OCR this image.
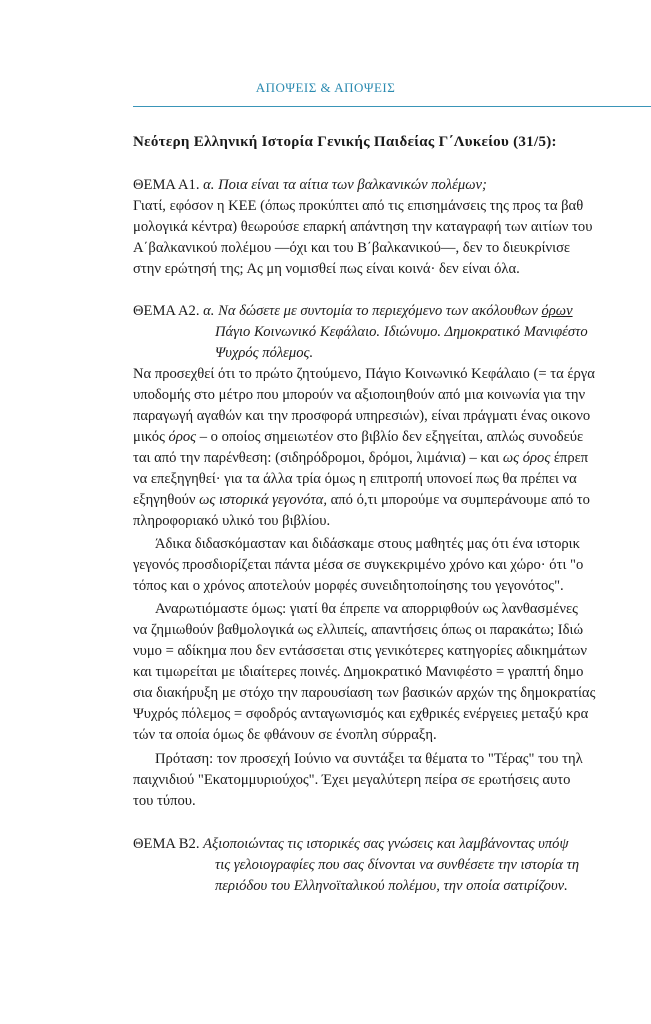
ΑΠΟΨΕΙΣ & ΑΠΟΨΕΙΣ
Νεότερη Ελληνική Ιστορία Γενικής Παιδείας Γ΄Λυκείου (31/5):
ΘΕΜΑ Α1. α. Ποια είναι τα αίτια των βαλκανικών πολέμων;
Γιατί, εφόσον η ΚΕΕ (όπως προκύπτει από τις επισημάνσεις της προς τα βαθ
μολογικά κέντρα) θεωρούσε επαρκή απάντηση την καταγραφή των αιτίων του
Α΄βαλκανικού πολέμου —όχι και του Β΄βαλκανικού—, δεν το διευκρίνισε
στην ερώτησή της; Ας μη νομισθεί πως είναι κοινά· δεν είναι όλα.
ΘΕΜΑ Α2. α. Να δώσετε με συντομία το περιεχόμενο των ακόλουθων όρων
Πάγιο Κοινωνικό Κεφάλαιο. Ιδιώνυμο. Δημοκρατικό Μανιφέστο
Ψυχρός πόλεμος.
Να προσεχθεί ότι το πρώτο ζητούμενο, Πάγιο Κοινωνικό Κεφάλαιο (= τα έργα
υποδομής στο μέτρο που μπορούν να αξιοποιηθούν από μια κοινωνία για την
παραγωγή αγαθών και την προσφορά υπηρεσιών), είναι πράγματι ένας οικονο
μικός όρος – ο οποίος σημειωτέον στο βιβλίο δεν εξηγείται, απλώς συνοδεύε
ται από την παρένθεση: (σιδηρόδρομοι, δρόμοι, λιμάνια) – και ως όρος έπρεπ
να επεξηγηθεί· για τα άλλα τρία όμως η επιτροπή υπονοεί πως θα πρέπει να
εξηγηθούν ως ιστορικά γεγονότα, από ό,τι μπορούμε να συμπεράνουμε από το
πληροφοριακό υλικό του βιβλίου.
Άδικα διδασκόμασταν και διδάσκαμε στους μαθητές μας ότι ένα ιστορικ
γεγονός προσδιορίζεται πάντα μέσα σε συγκεκριμένο χρόνο και χώρο· ότι "ο
τόπος και ο χρόνος αποτελούν μορφές συνειδητοποίησης του γεγονότος".
Αναρωτιόμαστε όμως: γιατί θα έπρεπε να απορριφθούν ως λανθασμένες
να ζημιωθούν βαθμολογικά ως ελλιπείς, απαντήσεις όπως οι παρακάτω; Ιδιώ
νυμο = αδίκημα που δεν εντάσσεται στις γενικότερες κατηγορίες αδικημάτων
και τιμωρείται με ιδιαίτερες ποινές. Δημοκρατικό Μανιφέστο = γραπτή δημο
σια διακήρυξη με στόχο την παρουσίαση των βασικών αρχών της δημοκρατίας
Ψυχρός πόλεμος = σφοδρός ανταγωνισμός και εχθρικές ενέργειες μεταξύ κρα
τών τα οποία όμως δε φθάνουν σε ένοπλη σύρραξη.
Πρόταση: τον προσεχή Ιούνιο να συντάξει τα θέματα το "Τέρας" του τηλ
παιχνιδιού "Εκατομμυριούχος". Έχει μεγαλύτερη πείρα σε ερωτήσεις αυτο
του τύπου.
ΘΕΜΑ Β2. Αξιοποιώντας τις ιστορικές σας γνώσεις και λαμβάνοντας υπόψ
τις γελοιογραφίες που σας δίνονται να συνθέσετε την ιστορία τη
περιόδου του Ελληνοϊταλικού πολέμου, την οποία σατιρίζουν.
